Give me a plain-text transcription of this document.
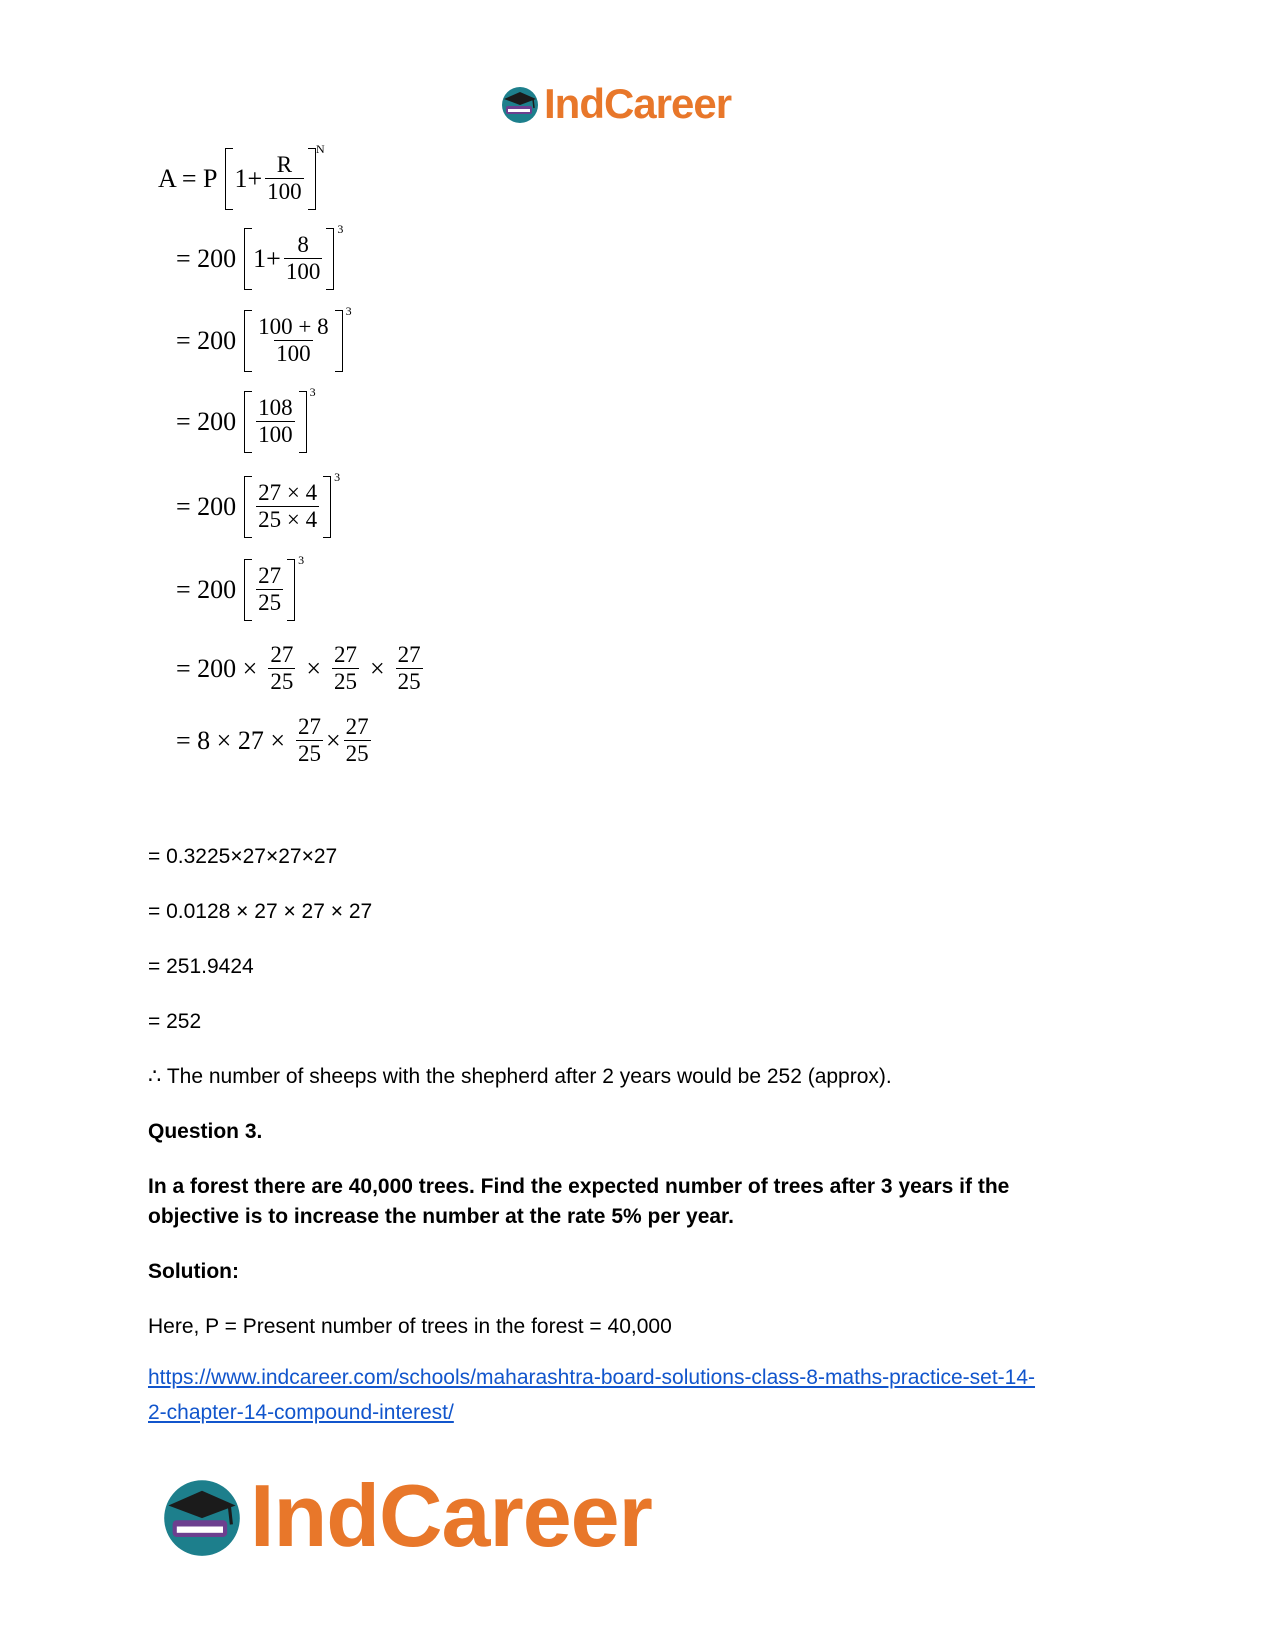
IndCareer
A = P $1+ \frac{R}{100}$
N
= 200 $1+ \frac{8}{100}$
3
= $200 \frac{100 + 8}{100}$
3
= $200 \frac{108}{100}$
3
= $200 \frac{27 \times 4}{25 \times 4}$
3
= $200 \frac{27}{25}$
3
= $200 \times \frac{27}{25} \times \frac{27}{25} \times \frac{27}{25}$
= $8 \times 27 \times \frac{27}{25} \times \frac{27}{25}$
= 0.3225×27×27×27
= 0.0128 × 27 × 27 × 27
= 251.9424
= 252
∴ The number of sheeps with the shepherd after 2 years would be 252 (approx).
Question 3.
In a forest there are 40,000 trees. Find the expected number of trees after 3 years if the
objective is to increase the number at the rate 5% per year.
Solution:
Here, P = Present number of trees in the forest = 40,000
https://www.indcareer.com/schools/maharashtra-board-solutions-class-8-maths-practice-set-14-
2-chapter-14-compound-interest/
IndCareer
